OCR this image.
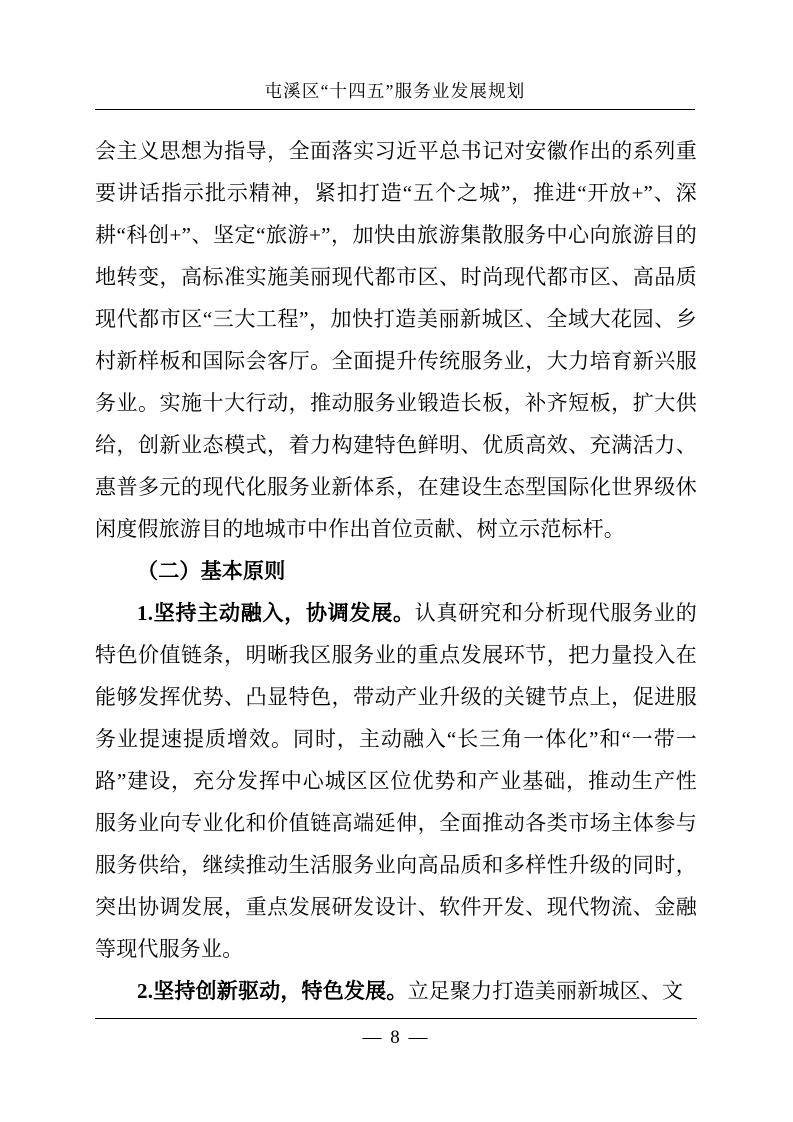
屯溪区“十四五”服务业发展规划

会主义思想为指导，全面落实习近平总书记对安徽作出的系列重要讲话指示批示精神，紧扣打造“五个之城”，推进“开放+”、深耕“科创+”、坚定“旅游+”，加快由旅游集散服务中心向旅游目的地转变，高标准实施美丽现代都市区、时尚现代都市区、高品质现代都市区“三大工程”，加快打造美丽新城区、全域大花园、乡村新样板和国际会客厅。全面提升传统服务业，大力培育新兴服务业。实施十大行动，推动服务业锻造长板，补齐短板，扩大供给，创新业态模式，着力构建特色鲜明、优质高效、充满活力、惠普多元的现代化服务业新体系，在建设生态型国际化世界级休闲度假旅游目的地城市中作出首位贡献、树立示范标杆。

（二）基本原则

1.坚持主动融入，协调发展。认真研究和分析现代服务业的特色价值链条，明晰我区服务业的重点发展环节，把力量投入在能够发挥优势、凸显特色，带动产业升级的关键节点上，促进服务业提速提质增效。同时，主动融入“长三角一体化”和“一带一路”建设，充分发挥中心城区区位优势和产业基础，推动生产性服务业向专业化和价值链高端延伸，全面推动各类市场主体参与服务供给，继续推动生活服务业向高品质和多样性升级的同时，突出协调发展，重点发展研发设计、软件开发、现代物流、金融等现代服务业。

2.坚持创新驱动，特色发展。立足聚力打造美丽新城区、文

— 8 —
